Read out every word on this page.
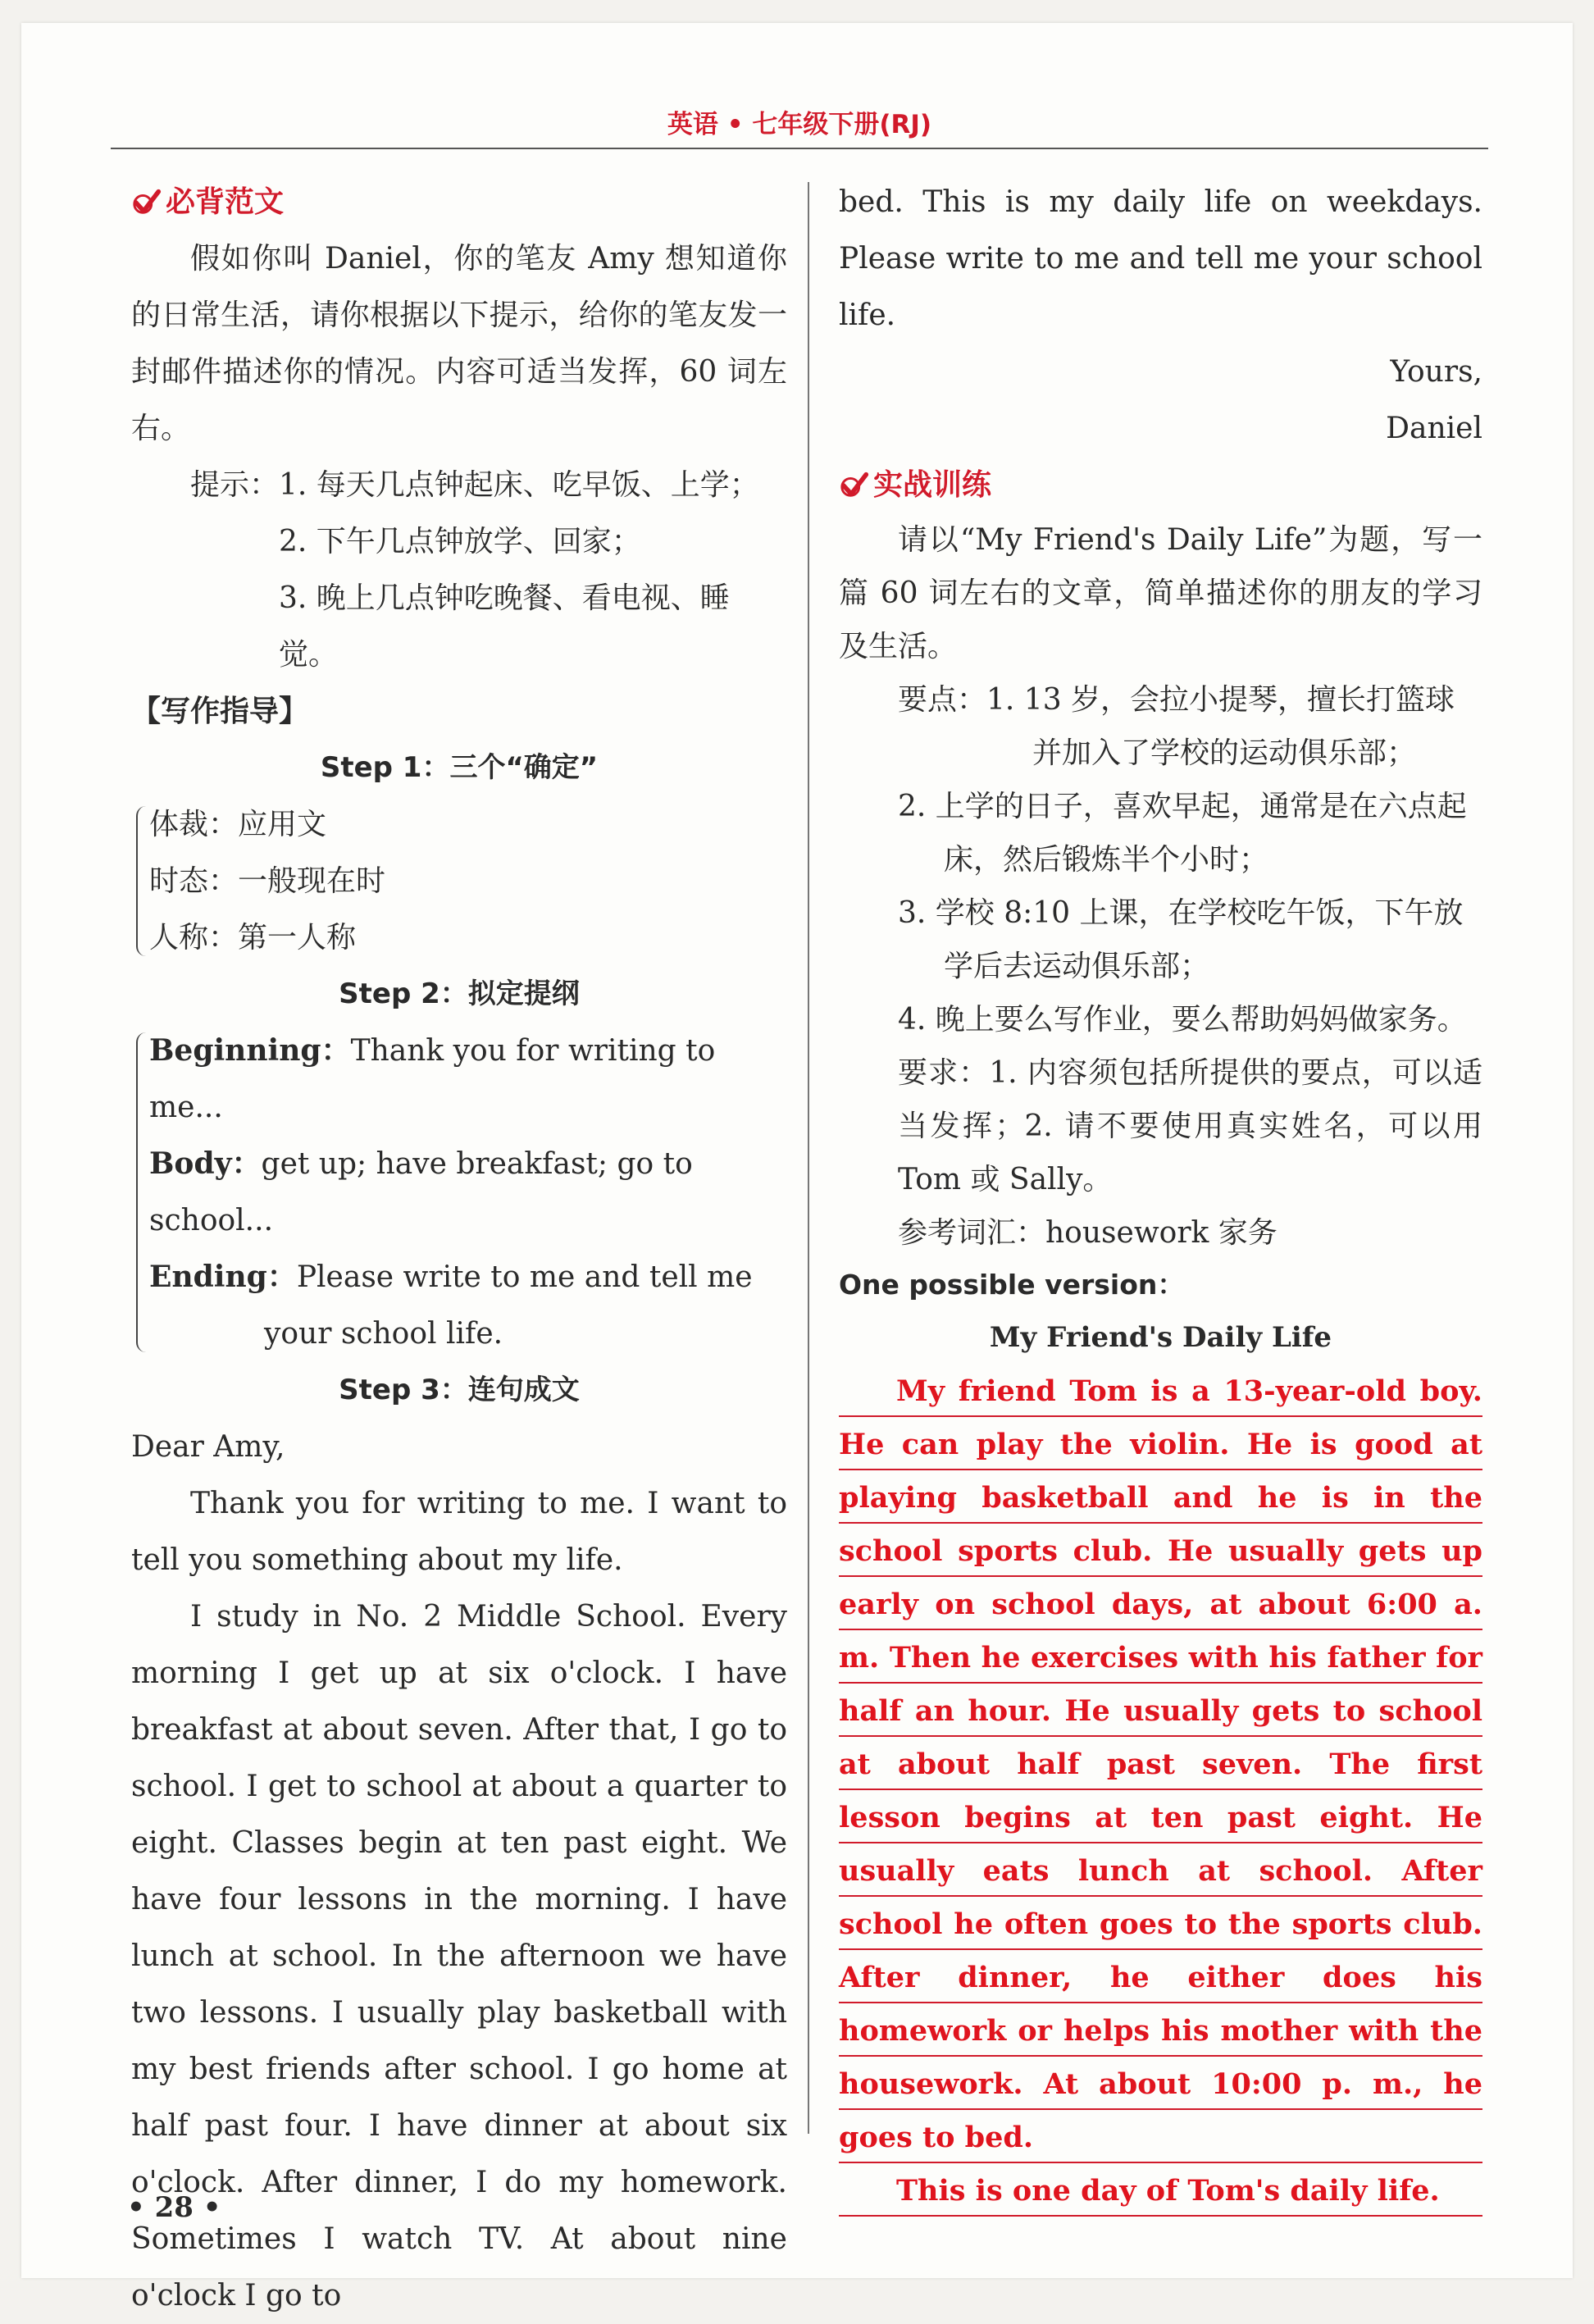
英语 • 七年级下册(RJ)
必背范文

假如你叫 Daniel，你的笔友 Amy 想知道你的日常生活，请你根据以下提示，给你的笔友发一封邮件描述你的情况。内容可适当发挥，60 词左右。

提示： 1. 每天几点钟起床、吃早饭、上学；
2. 下午几点钟放学、回家；
3. 晚上几点钟吃晚餐、看电视、睡觉。
【写作指导】
Step 1：三个“确定”
体裁：应用文
时态：一般现在时
人称：第一人称
Step 2：拟定提纲
Beginning：Thank you for writing to me...
Body：get up; have breakfast; go to school...
Ending：Please write to me and tell me your school life.
Step 3：连句成文

Dear Amy,

Thank you for writing to me. I want to tell you something about my life.

I study in No. 2 Middle School. Every morning I get up at six o'clock. I have breakfast at about seven. After that, I go to school. I get to school at about a quarter to eight. Classes begin at ten past eight. We have four lessons in the morning. I have lunch at school. In the afternoon we have two lessons. I usually play basketball with my best friends after school. I go home at half past four. I have dinner at about six o'clock. After dinner, I do my homework. Sometimes I watch TV. At about nine o'clock I go to

bed. This is my daily life on weekdays. Please write to me and tell me your school life.

Yours,

Daniel

实战训练

请以“My Friend's Daily Life”为题，写一篇 60 词左右的文章，简单描述你的朋友的学习及生活。

要点： 1. 13 岁，会拉小提琴，擅长打篮球并加入了学校的运动俱乐部；
2. 上学的日子，喜欢早起，通常是在六点起床，然后锻炼半个小时；
3. 学校 8:10 上课，在学校吃午饭，下午放学后去运动俱乐部；
4. 晚上要么写作业，要么帮助妈妈做家务。

要求：1. 内容须包括所提供的要点，可以适当发挥；2. 请不要使用真实姓名，可以用 Tom 或 Sally。

参考词汇：housework 家务

One possible version：
My Friend's Daily Life

My friend Tom is a 13-year-old boy. He can play the violin. He is good at playing basketball and he is in the school sports club. He usually gets up early on school days, at about 6:00 a. m. Then he exercises with his father for half an hour. He usually gets to school at about half past seven. The first lesson begins at ten past eight. He usually eats lunch at school. After school he often goes to the sports club. After dinner, he either does his homework or helps his mother with the housework. At about 10:00 p. m., he goes to bed.

This is one day of Tom's daily life.

• 28 •
